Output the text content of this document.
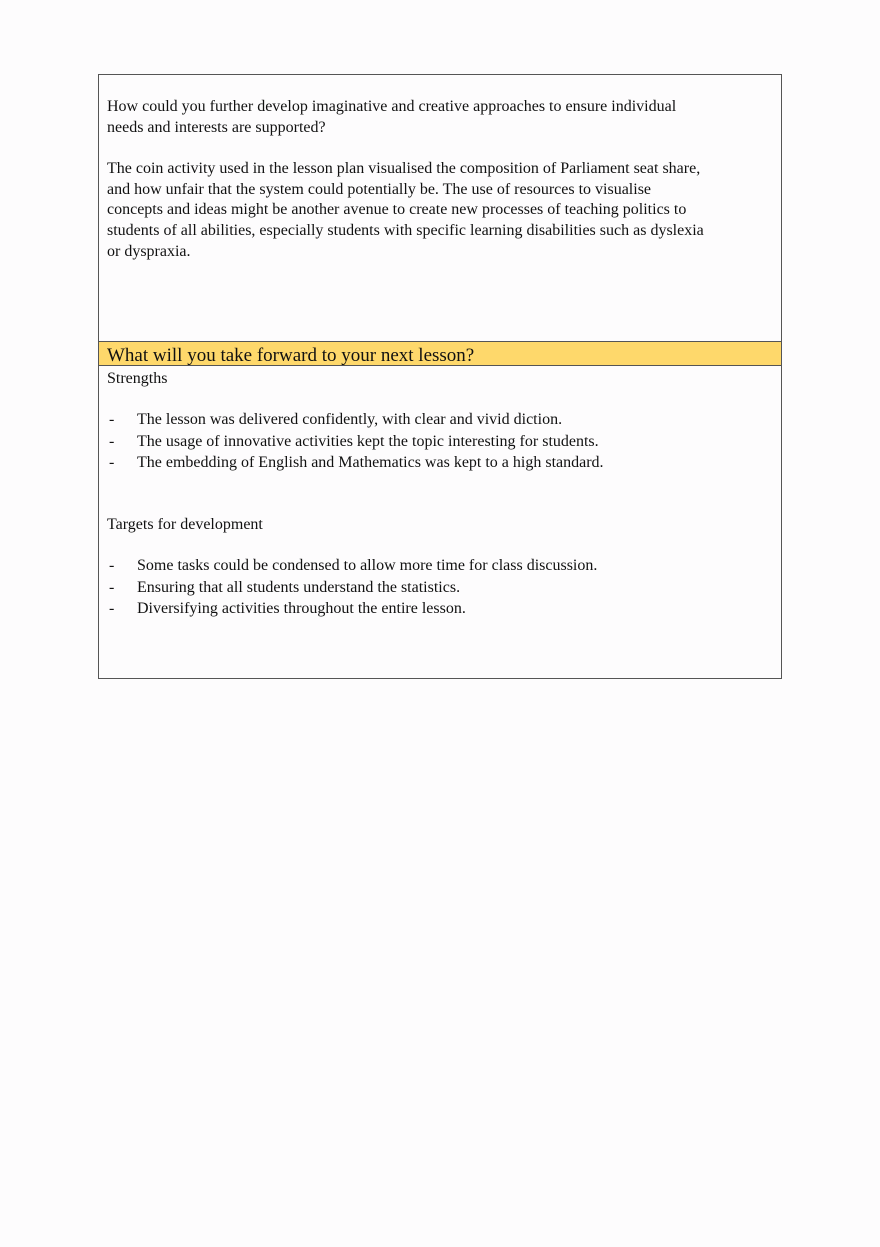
How could you further develop imaginative and creative approaches to ensure individual needs and interests are supported?

The coin activity used in the lesson plan visualised the composition of Parliament seat share, and how unfair that the system could potentially be. The use of resources to visualise concepts and ideas might be another avenue to create new processes of teaching politics to students of all abilities, especially students with specific learning disabilities such as dyslexia or dyspraxia.

What will you take forward to your next lesson?
Strengths
- The lesson was delivered confidently, with clear and vivid diction.
- The usage of innovative activities kept the topic interesting for students.
- The embedding of English and Mathematics was kept to a high standard.
Targets for development
- Some tasks could be condensed to allow more time for class discussion.
- Ensuring that all students understand the statistics.
- Diversifying activities throughout the entire lesson.
